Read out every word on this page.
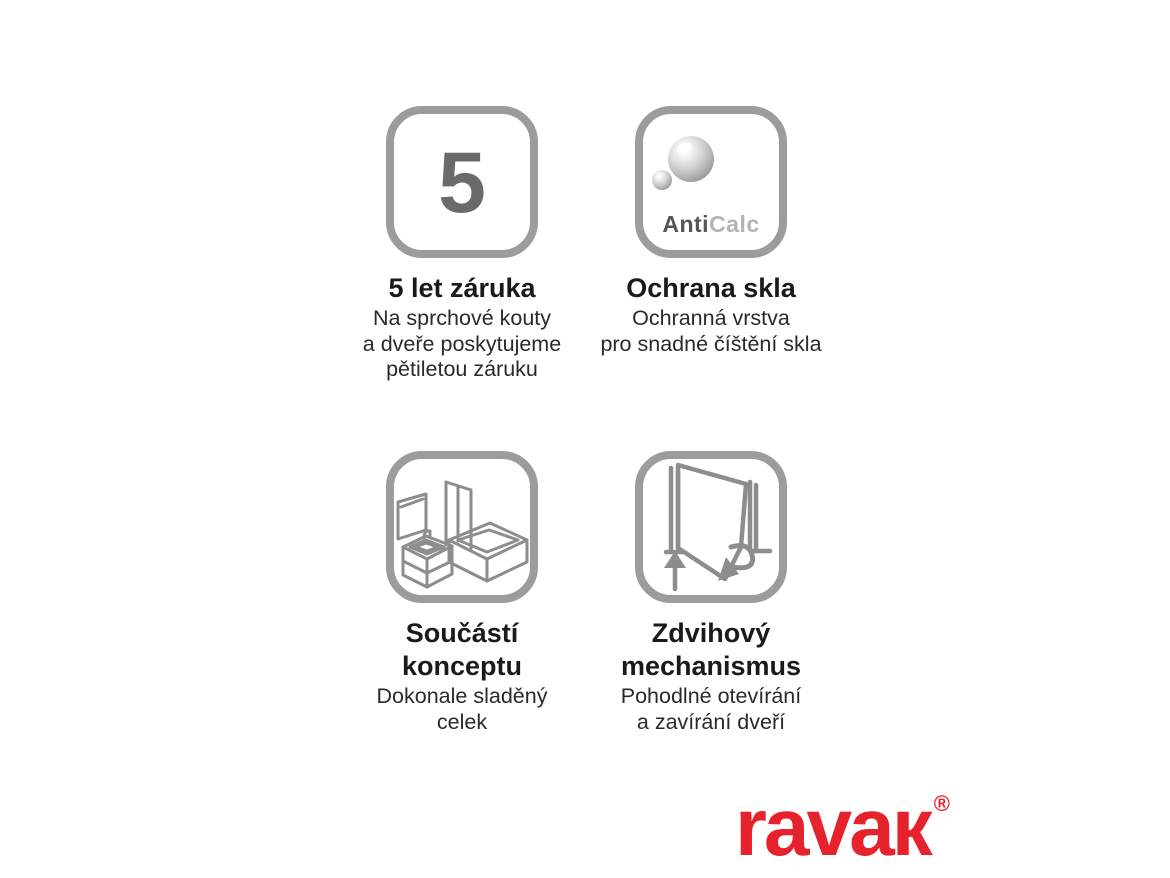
5
5 let záruka
Na sprchové kouty
a dveře poskytujeme
pětiletou záruku
AntiCalc
Ochrana skla
Ochranná vrstva
pro snadné číštění skla
Součástí
konceptu
Dokonale sladěný
celek
Zdvihový
mechanismus
Pohodlné otevírání
a zavírání dveří
ravaк ®
